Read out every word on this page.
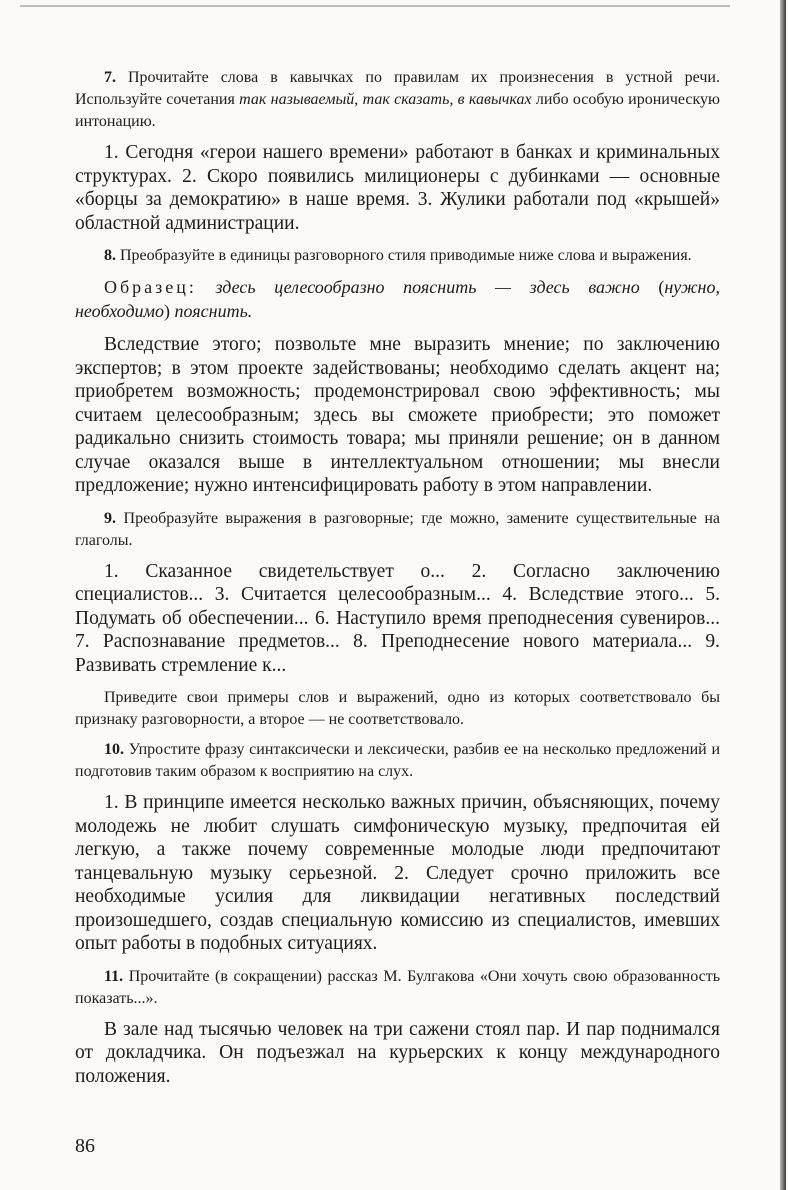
7. Прочитайте слова в кавычках по правилам их произнесения в устной речи. Используйте сочетания так называемый, так сказать, в кавычках либо особую ироническую интонацию.

1. Сегодня «герои нашего времени» работают в банках и криминальных структурах. 2. Скоро появились милиционеры с дубинками — основные «борцы за демократию» в наше время. 3. Жулики работали под «крышей» областной администрации.

8. Преобразуйте в единицы разговорного стиля приводимые ниже слова и выражения.

Образец: здесь целесообразно пояснить — здесь важно (нужно, необходимо) пояснить.

Вследствие этого; позвольте мне выразить мнение; по заключению экспертов; в этом проекте задействованы; необходимо сделать акцент на; приобретем возможность; продемонстрировал свою эффективность; мы считаем целесообразным; здесь вы сможете приобрести; это поможет радикально снизить стоимость товара; мы приняли решение; он в данном случае оказался выше в интеллектуальном отношении; мы внесли предложение; нужно интенсифицировать работу в этом направлении.

9. Преобразуйте выражения в разговорные; где можно, замените существительные на глаголы.

1. Сказанное свидетельствует о... 2. Согласно заключению специалистов... 3. Считается целесообразным... 4. Вследствие этого... 5. Подумать об обеспечении... 6. Наступило время преподнесения сувениров... 7. Распознавание предметов... 8. Преподнесение нового материала... 9. Развивать стремление к...

Приведите свои примеры слов и выражений, одно из которых соответствовало бы признаку разговорности, а второе — не соответствовало.

10. Упростите фразу синтаксически и лексически, разбив ее на несколько предложений и подготовив таким образом к восприятию на слух.

1. В принципе имеется несколько важных причин, объясняющих, почему молодежь не любит слушать симфоническую музыку, предпочитая ей легкую, а также почему современные молодые люди предпочитают танцевальную музыку серьезной. 2. Следует срочно приложить все необходимые усилия для ликвидации негативных последствий произошедшего, создав специальную комиссию из специалистов, имевших опыт работы в подобных ситуациях.

11. Прочитайте (в сокращении) рассказ М. Булгакова «Они хочуть свою образованность показать...».

В зале над тысячью человек на три сажени стоял пар. И пар поднимался от докладчика. Он подъезжал на курьерских к концу международного положения.

86
